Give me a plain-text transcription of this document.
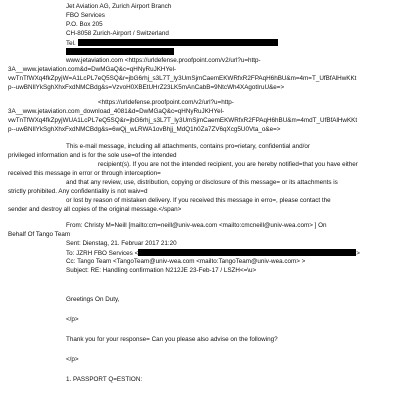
Jet Aviation AG, Zurich Airport Branch
FBO Services
P.O. Box 205
CH-8058 Zurich-Airport / Switzerland
Tel.
www.jetaviation.com <https://urldefense.proofpoint.com/v2/url?u=http-
3A__www.jetaviation.com&d=DwMGaQ&c=qHNyRuJKHYel-
vwTnTfWXq4fkZpyjW=A1LcPL7eQ5SQ&r=jbG6rhj_s3L7T_ly3UmSjmCaemEKWRfxR2FPAqH6hBU&m=4m=T_UfBfAlHwKKt
p--uwBNIlYkSghXhxFxdNMCBdg&s=VzvoH0XBEtUHrZ23LK5mAnCabB=9NtcWh4XAgotIruU&e=>
<https://urldefense.proofpoint.com/v2/url?u=http-
3A__www.jetaviation.com_download_4081&d=DwMGaQ&c=qHNyRuJKHYel-
vwTnTfWXq4fkZpyjWUA1LcPL7eQ5SQ&r=jbG6rhj_s3L7T_ly3UmSjmCaemEKWRfxR2FPAqH6hBU&m=4mdT_UfBfAlHwKKt
p--uwBNIlYkSghXhxFxdNMCBdg&s=6wQj_wLRWA1ovBhjj_MdQ1h0Za7ZV6qXcg5U0Vta_o&e=>
This e-mail message, including all attachments, contains pro=rietary, confidential and/or
privileged information and is for the sole use=of the intended
recipient(s). If you are not the intended recipient, you are hereby notified=that you have either
received this message in error or through interception=
and that any review, use, distribution, copying or disclosure of this message= or its attachments is
strictly prohibited. Any confidentiality is not waiv=d
or lost by reason of mistaken delivery. If you received this message in erro=, please contact the
sender and destroy all copies of the original message.</span>
From: Christy M=Neill [mailto:cm=neill@univ-wea.com <mailto:cmcneill@univ-wea.com> ] On
Behalf Of Tango Team
Sent: Dienstag, 21. Februar 2017 21:20
To: JZRH FBO Services <	>
Cc: Tango Team <TangoTeam@univ-wea.com <mailto:TangoTeam@univ-wea.com> >
Subject: RE: Handling confirmation N212JE 23-Feb-17 / LSZH<=\u>
Greetings On Duty,
</p>
Thank you for your response= Can you please also advise on the following?
</p>
1. PASSPORT Q=ESTION:
